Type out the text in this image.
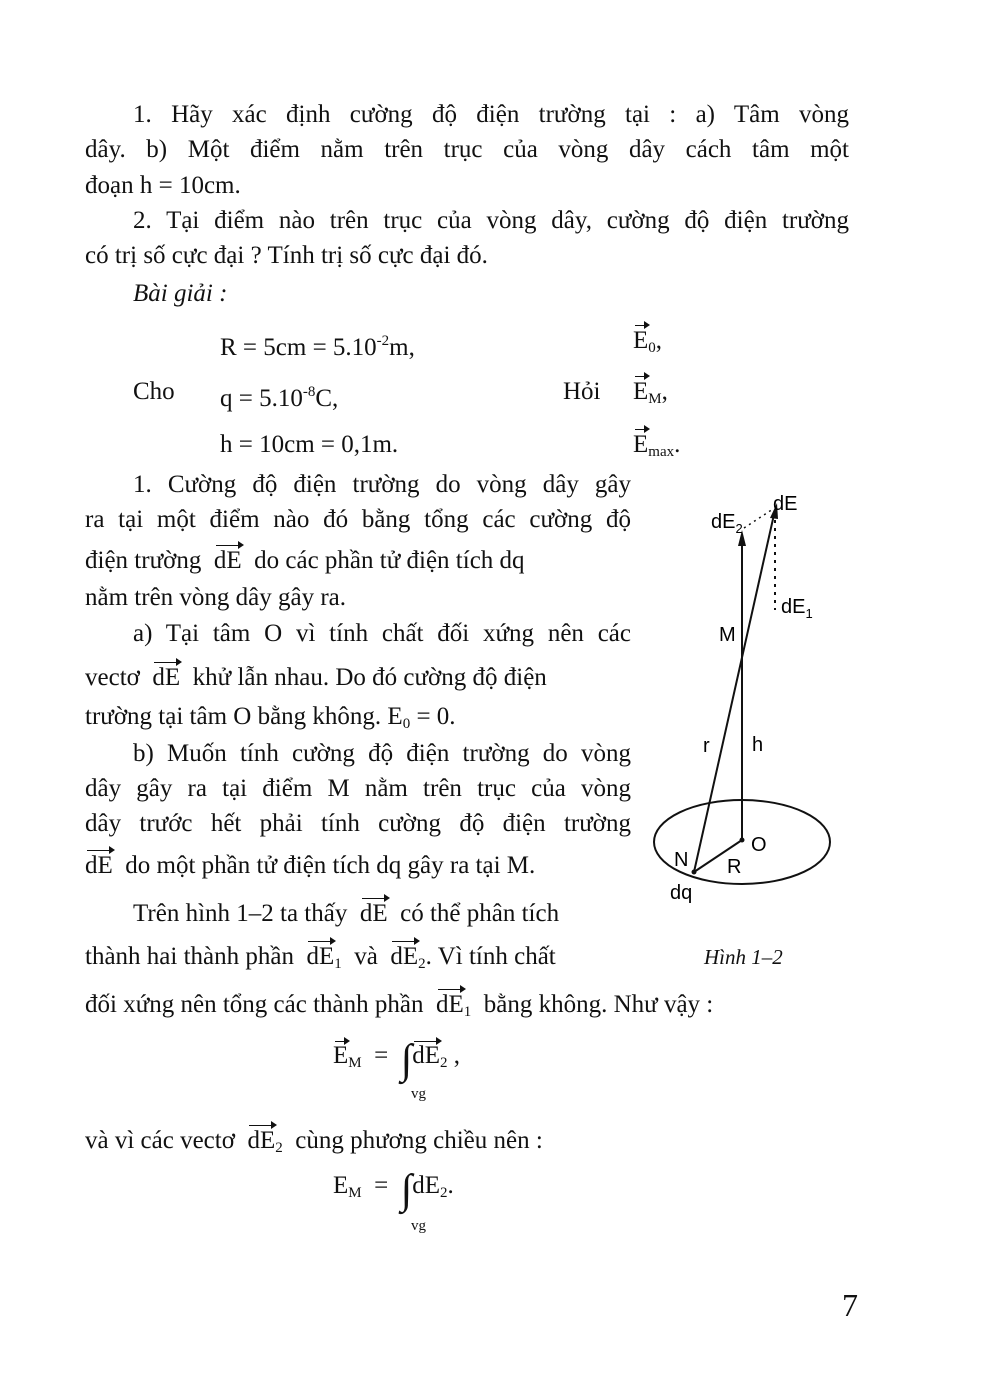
1. Hãy xác định cường độ điện trường tại : a) Tâm vòng
dây. b) Một điểm nằm trên trục của vòng dây cách tâm một
đoạn h = 10cm.
2. Tại điểm nào trên trục của vòng dây, cường độ điện trường
có trị số cực đại ? Tính trị số cực đại đó.
Bài giải :
$R = 5cm = 5.10^{-2}m$,
Cho $q = 5.10^{-8}C$,
h = 10cm = 0,1m.
Hỏi
$E_0$,
$E_M$,
$E_{max}$.
1. Cường độ điện trường do vòng dây gây
ra tại một điểm nào đó bằng tổng các cường độ
điện trường dE do các phần tử điện tích dq
nằm trên vòng dây gây ra.
a) Tại tâm O vì tính chất đối xứng nên các
vectơ dE khử lẫn nhau. Do đó cường độ điện
trường tại tâm O bằng không. $E_0 = 0$.
b) Muốn tính cường độ điện trường do vòng
dây gây ra tại điểm M nằm trên trục của vòng
dây trước hết phải tính cường độ điện trường
dE do một phần tử điện tích dq gây ra tại M.
Trên hình 1–2 ta thấy dE có thể phân tích
thành hai thành phần $dE_1$ và $dE_2$. Vì tính chất
đối xứng nên tổng các thành phần $dE_1$ bằng không. Như vậy :
$E_M = \int dE_2$ ,
vg
và vì các vectơ $dE_2$ cùng phương chiều nên :
$E_M = \int dE_2$.
vg
$dE_2$
dE
$dE_1$
M
r h
O
N R
dq
Hình 1–2
7
